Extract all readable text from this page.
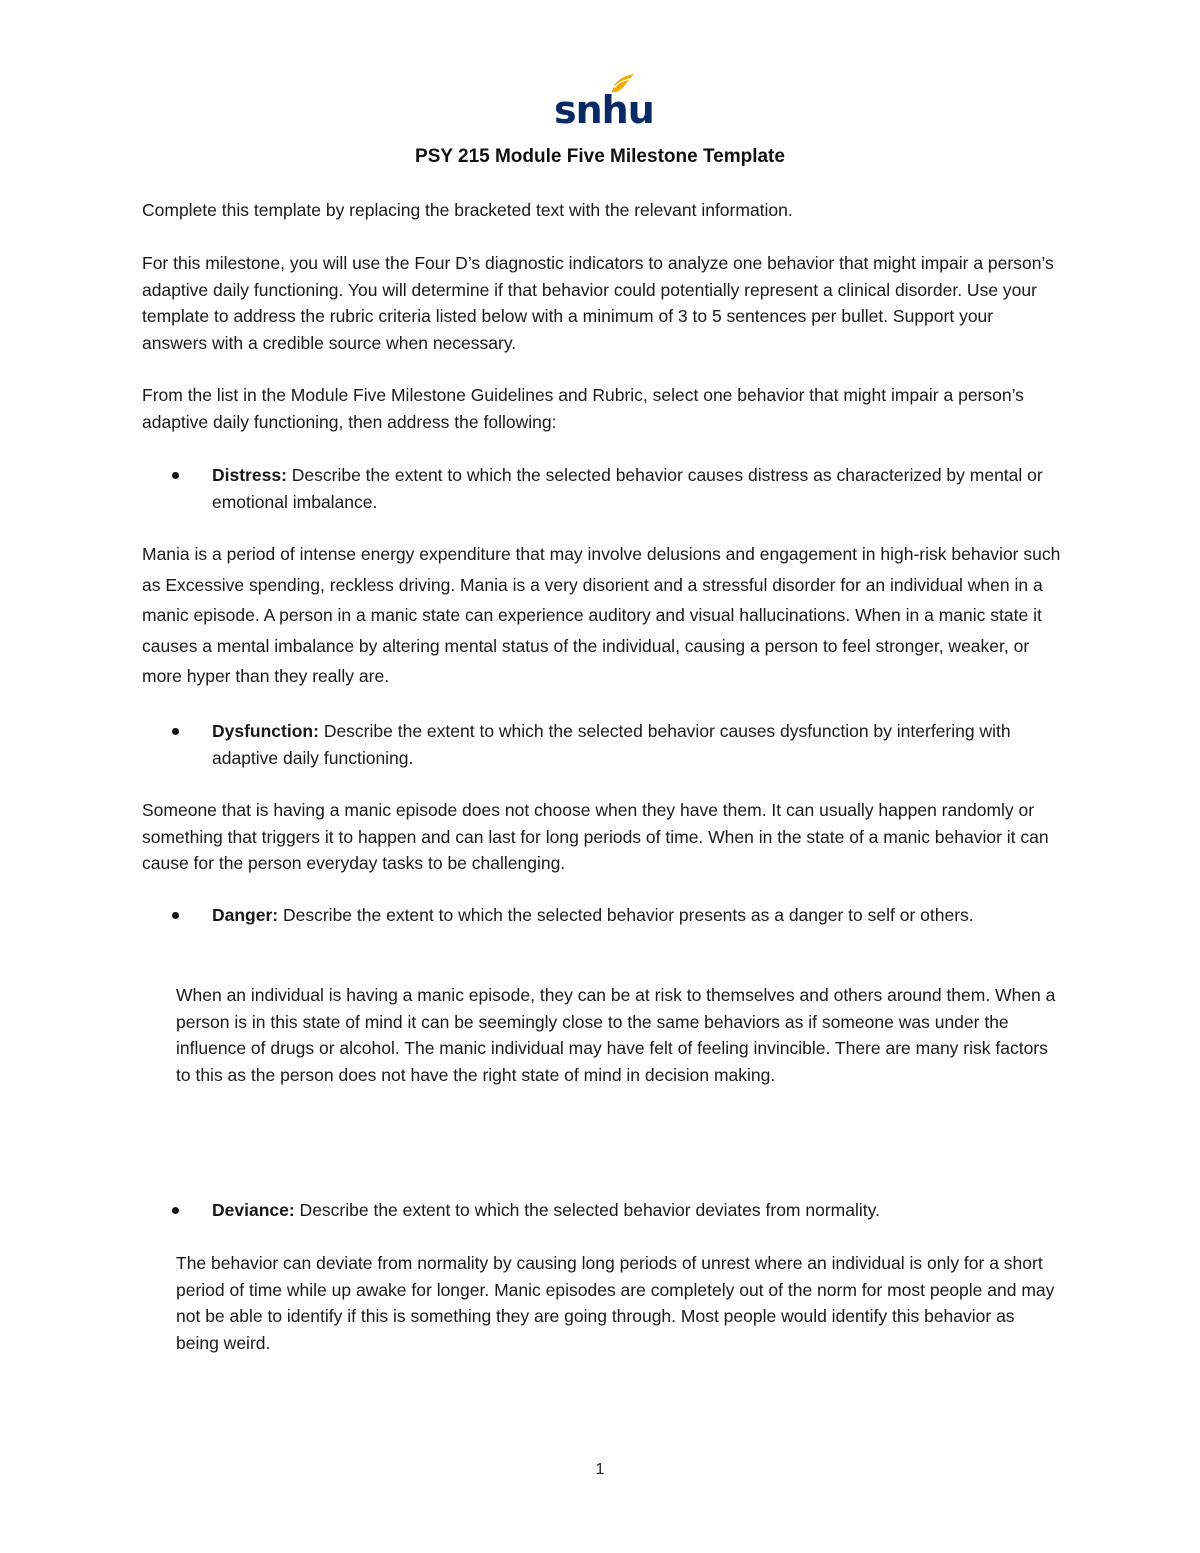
snhu
PSY 215 Module Five Milestone Template

Complete this template by replacing the bracketed text with the relevant information.

For this milestone, you will use the Four D’s diagnostic indicators to analyze one behavior that might impair a person’s adaptive daily functioning. You will determine if that behavior could potentially represent a clinical disorder. Use your template to address the rubric criteria listed below with a minimum of 3 to 5 sentences per bullet. Support your answers with a credible source when necessary.

From the list in the Module Five Milestone Guidelines and Rubric, select one behavior that might impair a person’s adaptive daily functioning, then address the following:

Distress: Describe the extent to which the selected behavior causes distress as characterized by mental or emotional imbalance.

Mania is a period of intense energy expenditure that may involve delusions and engagement in high-risk behavior such as Excessive spending, reckless driving. Mania is a very disorient and a stressful disorder for an individual when in a manic episode. A person in a manic state can experience auditory and visual hallucinations. When in a manic state it causes a mental imbalance by altering mental status of the individual, causing a person to feel stronger, weaker, or more hyper than they really are.

Dysfunction: Describe the extent to which the selected behavior causes dysfunction by interfering with adaptive daily functioning.

Someone that is having a manic episode does not choose when they have them. It can usually happen randomly or something that triggers it to happen and can last for long periods of time. When in the state of a manic behavior it can cause for the person everyday tasks to be challenging.

Danger: Describe the extent to which the selected behavior presents as a danger to self or others.

When an individual is having a manic episode, they can be at risk to themselves and others around them. When a person is in this state of mind it can be seemingly close to the same behaviors as if someone was under the influence of drugs or alcohol. The manic individual may have felt of feeling invincible. There are many risk factors to this as the person does not have the right state of mind in decision making.

Deviance: Describe the extent to which the selected behavior deviates from normality.

The behavior can deviate from normality by causing long periods of unrest where an individual is only for a short period of time while up awake for longer. Manic episodes are completely out of the norm for most people and may not be able to identify if this is something they are going through. Most people would identify this behavior as being weird.

1
